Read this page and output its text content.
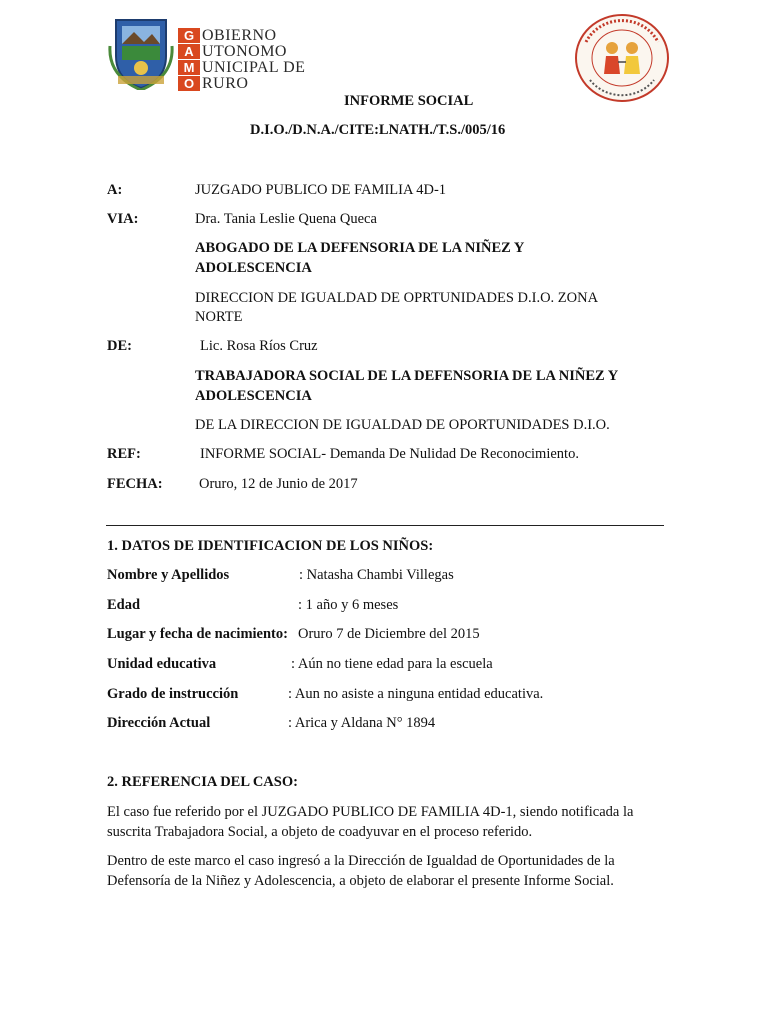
G OBIERNO
A UTONOMO
M UNICIPAL DE
O RURO
INFORME SOCIAL
D.I.O./D.N.A./CITE:LNATH./T.S./005/16
A:	JUZGADO PUBLICO DE FAMILIA 4D-1
VIA:	Dra. Tania Leslie Quena Queca
ABOGADO DE LA DEFENSORIA DE LA NIÑEZ Y
ADOLESCENCIA
DIRECCION DE IGUALDAD DE OPRTUNIDADES D.I.O. ZONA
NORTE
DE:	Lic. Rosa Ríos Cruz
TRABAJADORA SOCIAL DE LA DEFENSORIA DE LA NIÑEZ Y
ADOLESCENCIA
DE LA DIRECCION DE IGUALDAD DE OPORTUNIDADES D.I.O.
REF:	INFORME SOCIAL- Demanda De Nulidad De Reconocimiento.
FECHA:	Oruro, 12 de Junio de 2017
1. DATOS DE IDENTIFICACION DE LOS NIÑOS:
Nombre y Apellidos	: Natasha Chambi Villegas
Edad	: 1 año y 6 meses
Lugar y fecha de nacimiento: Oruro 7 de Diciembre del 2015
Unidad educativa	: Aún no tiene edad para la escuela
Grado de instrucción	: Aun no asiste a ninguna entidad educativa.
Dirección Actual	: Arica y Aldana N° 1894
2. REFERENCIA DEL CASO:
El caso fue referido por el JUZGADO PUBLICO DE FAMILIA 4D-1, siendo notificada la
suscrita Trabajadora Social, a objeto de coadyuvar en el proceso referido.
Dentro de este marco el caso ingresó a la Dirección de Igualdad de Oportunidades de la
Defensoría de la Niñez y Adolescencia, a objeto de elaborar el presente Informe Social.
